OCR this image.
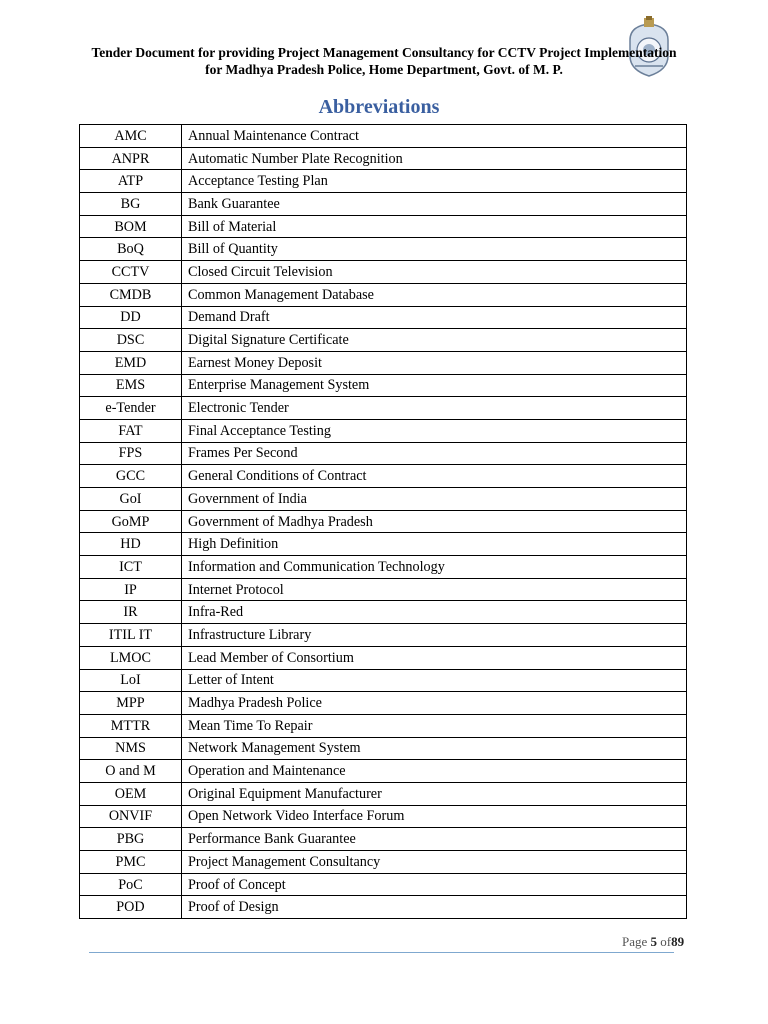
Tender Document for providing Project Management Consultancy for CCTV Project Implementation
for Madhya Pradesh Police, Home Department, Govt. of M. P.
Abbreviations
AMC	Annual Maintenance Contract
ANPR	Automatic Number Plate Recognition
ATP	Acceptance Testing Plan
BG	Bank Guarantee
BOM	Bill of Material
BoQ	Bill of Quantity
CCTV	Closed Circuit Television
CMDB	Common Management Database
DD	Demand Draft
DSC	Digital Signature Certificate
EMD	Earnest Money Deposit
EMS	Enterprise Management System
e-Tender	Electronic Tender
FAT	Final Acceptance Testing
FPS	Frames Per Second
GCC	General Conditions of Contract
GoI	Government of India
GoMP	Government of Madhya Pradesh
HD	High Definition
ICT	Information and Communication Technology
IP	Internet Protocol
IR	Infra-Red
ITIL IT	Infrastructure Library
LMOC	Lead Member of Consortium
LoI	Letter of Intent
MPP	Madhya Pradesh Police
MTTR	Mean Time To Repair
NMS	Network Management System
O and M	Operation and Maintenance
OEM	Original Equipment Manufacturer
ONVIF	Open Network Video Interface Forum
PBG	Performance Bank Guarantee
PMC	Project Management Consultancy
PoC	Proof of Concept
POD	Proof of Design
Page 5 of89
